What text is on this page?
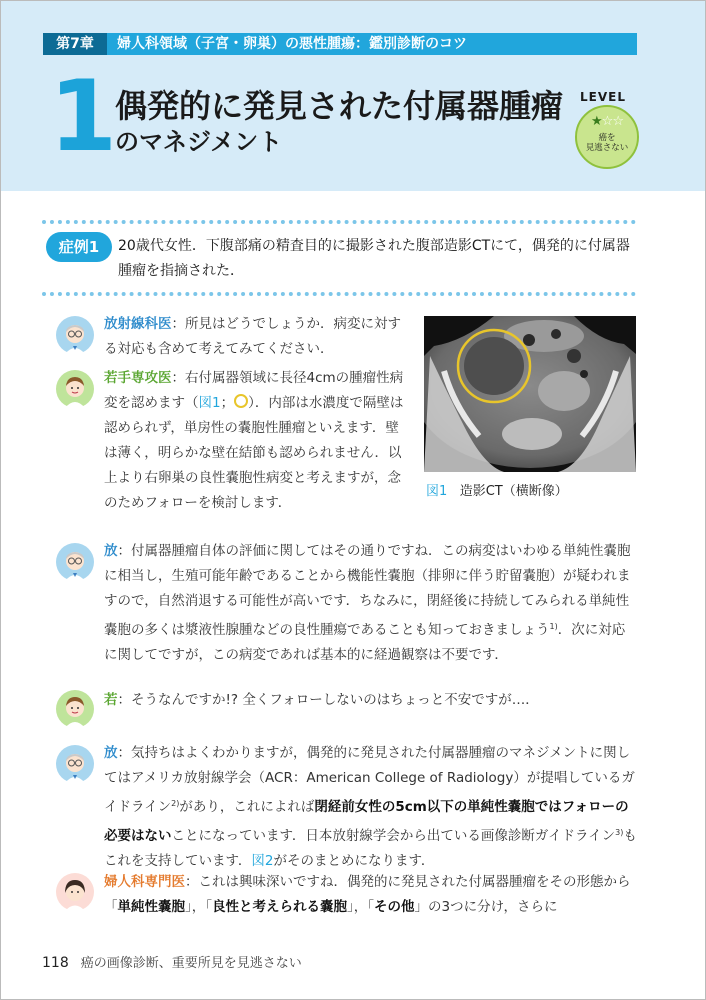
第7章	婦人科領域（子宮・卵巣）の悪性腫瘍：鑑別診断のコツ
1
偶発的に発見された付属器腫瘤
のマネジメント
LEVEL
★☆☆
癌を
見逃さない
症例1	20歳代女性．下腹部痛の精査目的に撮影された腹部造影CTにて，偶発的に付属器腫瘤を指摘された．
図1 造影CT（横断像）
放射線科医：所見はどうでしょうか．病変に対する対応も含めて考えてみてください．
若手専攻医：右付属器領域に長径4cmの腫瘤性病変を認めます（図1； ）．内部は水濃度で隔壁は認められず，単房性の嚢胞性腫瘤といえます．壁は薄く，明らかな壁在結節も認められません．以上より右卵巣の良性嚢胞性病変と考えますが，念のためフォローを検討します．
放：付属器腫瘤自体の評価に関してはその通りですね．この病変はいわゆる単純性嚢胞に相当し，生殖可能年齢であることから機能性嚢胞（排卵に伴う貯留嚢胞）が疑われますので，自然消退する可能性が高いです．ちなみに，閉経後に持続してみられる単純性嚢胞の多くは漿液性腺腫などの良性腫瘍であることも知っておきましょう$^{1)}$．次に対応に関してですが，この病変であれば基本的に経過観察は不要です．
若：そうなんですか!? 全くフォローしないのはちょっと不安ですが…．
放：気持ちはよくわかりますが，偶発的に発見された付属器腫瘤のマネジメントに関してはアメリカ放射線学会（ACR：American College of Radiology）が提唱しているガイドライン$^{2)}$があり，これによれば閉経前女性の5cm以下の単純性嚢胞ではフォローの必要はないことになっています．日本放射線学会から出ている画像診断ガイドライン$^{3)}$もこれを支持しています．図2がそのまとめになります．
婦人科専門医：これは興味深いですね．偶発的に発見された付属器腫瘤をその形態から「単純性嚢胞」，「良性と考えられる嚢胞」，「その他」の3つに分け，さらに
118 癌の画像診断、重要所見を見逃さない
